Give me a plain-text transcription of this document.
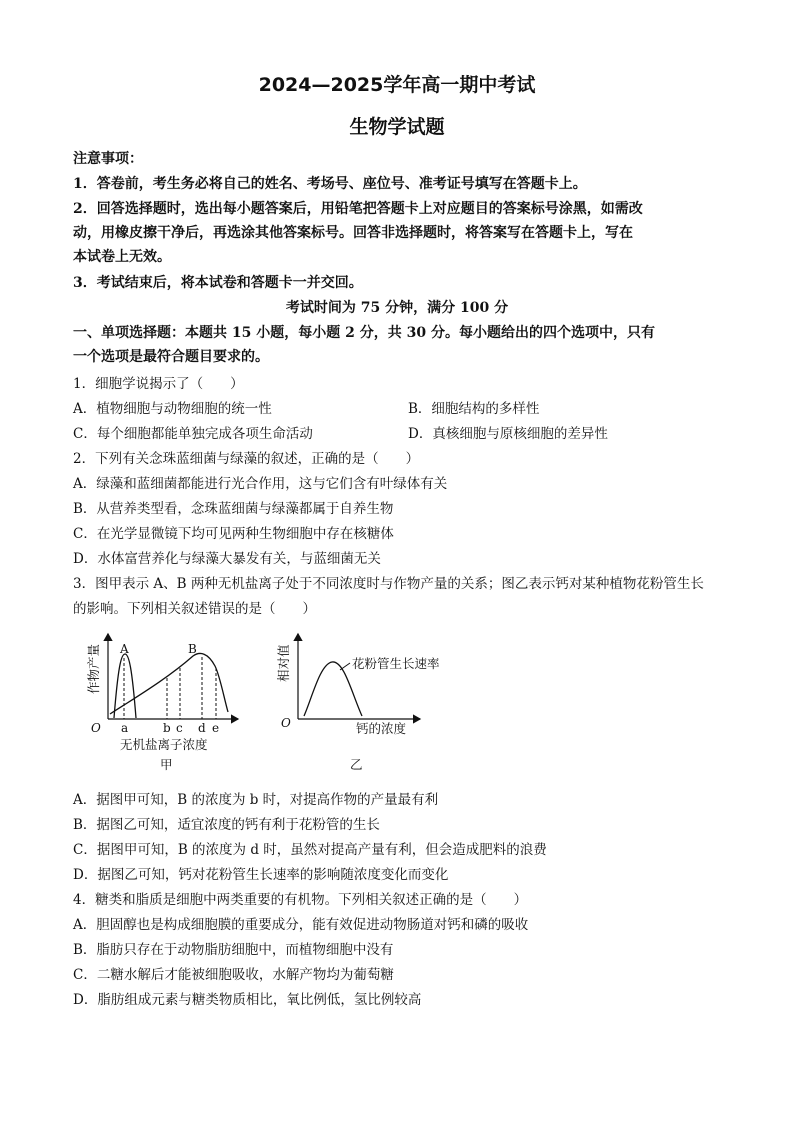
2024—2025学年高一期中考试
生物学试题
注意事项：
1．答卷前，考生务必将自己的姓名、考场号、座位号、准考证号填写在答题卡上。
2．回答选择题时，选出每小题答案后，用铅笔把答题卡上对应题目的答案标号涂黑，如需改
动，用橡皮擦干净后，再选涂其他答案标号。回答非选择题时，将答案写在答题卡上，写在
本试卷上无效。
3．考试结束后，将本试卷和答题卡一并交回。
考试时间为 75 分钟，满分 100 分
一、单项选择题：本题共 15 小题，每小题 2 分，共 30 分。每小题给出的四个选项中，只有
一个选项是最符合题目要求的。
1．细胞学说揭示了（　　）
A．植物细胞与动物细胞的统一性	B．细胞结构的多样性
C．每个细胞都能单独完成各项生命活动	D．真核细胞与原核细胞的差异性
2．下列有关念珠蓝细菌与绿藻的叙述，正确的是（　　）
A．绿藻和蓝细菌都能进行光合作用，这与它们含有叶绿体有关
B．从营养类型看，念珠蓝细菌与绿藻都属于自养生物
C．在光学显微镜下均可见两种生物细胞中存在核糖体
D．水体富营养化与绿藻大暴发有关，与蓝细菌无关
3．图甲表示 A、B 两种无机盐离子处于不同浓度时与作物产量的关系；图乙表示钙对某种植物花粉管生长
的影响。下列相关叙述错误的是（　　）
A	B
O a	b c d e
无机盐离子浓度
甲
作物产量	花粉管生长速率
O	钙的浓度
乙
相对值
A．据图甲可知，B 的浓度为 b 时，对提高作物的产量最有利
B．据图乙可知，适宜浓度的钙有利于花粉管的生长
C．据图甲可知，B 的浓度为 d 时，虽然对提高产量有利，但会造成肥料的浪费
D．据图乙可知，钙对花粉管生长速率的影响随浓度变化而变化
4．糖类和脂质是细胞中两类重要的有机物。下列相关叙述正确的是（　　）
A．胆固醇也是构成细胞膜的重要成分，能有效促进动物肠道对钙和磷的吸收
B．脂肪只存在于动物脂肪细胞中，而植物细胞中没有
C．二糖水解后才能被细胞吸收，水解产物均为葡萄糖
D．脂肪组成元素与糖类物质相比，氧比例低，氢比例较高
